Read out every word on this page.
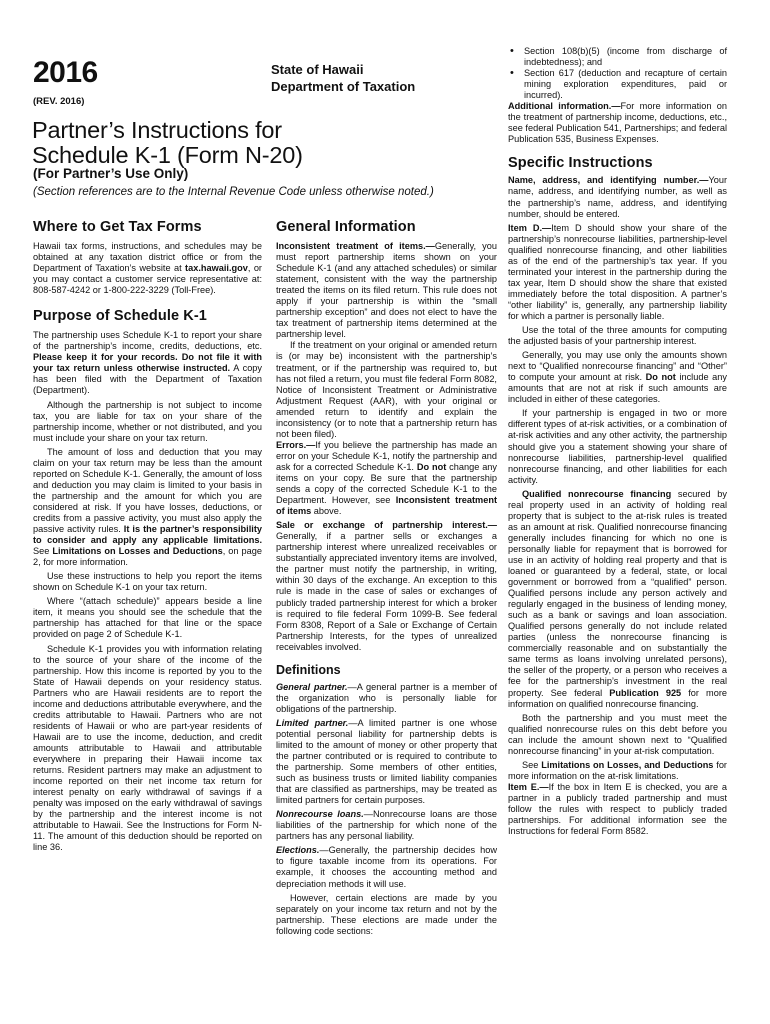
2016
(REV. 2016)
State of Hawaii
Department of Taxation
Partner’s Instructions for
Schedule K-1 (Form N-20)
(For Partner’s Use Only)
(Section references are to the Internal Revenue Code unless otherwise noted.)
Where to Get Tax Forms

Hawaii tax forms, instructions, and schedules may be obtained at any taxation district office or from the Department of Taxation’s website at tax.hawaii.gov, or you may contact a customer service representative at: 808-587-4242 or 1-800-222-3229 (Toll-Free).

Purpose of Schedule K-1

The partnership uses Schedule K-1 to report your share of the partnership’s income, credits, deductions, etc. Please keep it for your records. Do not file it with your tax return unless otherwise instructed. A copy has been filed with the Department of Taxation (Department).

Although the partnership is not subject to income tax, you are liable for tax on your share of the partnership income, whether or not distributed, and you must include your share on your tax return.

The amount of loss and deduction that you may claim on your tax return may be less than the amount reported on Schedule K-1. Generally, the amount of loss and deduction you may claim is limited to your basis in the partnership and the amount for which you are considered at risk. If you have losses, deductions, or credits from a passive activity, you must also apply the passive activity rules. It is the partner’s responsibility to consider and apply any applicable limitations. See Limitations on Losses and Deductions, on page 2, for more information.

Use these instructions to help you report the items shown on Schedule K-1 on your tax return.

Where “(attach schedule)” appears beside a line item, it means you should see the schedule that the partnership has attached for that line or the space provided on page 2 of Schedule K-1.

Schedule K-1 provides you with information relating to the source of your share of the income of the partnership. How this income is reported by you to the State of Hawaii depends on your residency status. Partners who are Hawaii residents are to report the income and deductions attributable everywhere, and the credits attributable to Hawaii. Partners who are not residents of Hawaii or who are part-year residents of Hawaii are to use the income, deduction, and credit amounts attributable to Hawaii and attributable everywhere in preparing their Hawaii income tax returns. Resident partners may make an adjustment to income reported on their net income tax return for interest penalty on early withdrawal of savings if a penalty was imposed on the early withdrawal of savings by the partnership and the interest income is not attributable to Hawaii. See the Instructions for Form N-11. The amount of this deduction should be reported on line 36.

General Information

Inconsistent treatment of items.—Generally, you must report partnership items shown on your Schedule K-1 (and any attached schedules) or similar statement, consistent with the way the partnership treated the items on its filed return. This rule does not apply if your partnership is within the “small partnership exception” and does not elect to have the tax treatment of partnership items determined at the partnership level.

If the treatment on your original or amended return is (or may be) inconsistent with the partnership’s treatment, or if the partnership was required to, but has not filed a return, you must file federal Form 8082, Notice of Inconsistent Treatment or Administrative Adjustment Request (AAR), with your original or amended return to identify and explain the inconsistency (or to note that a partnership return has not been filed).

Errors.—If you believe the partnership has made an error on your Schedule K-1, notify the partnership and ask for a corrected Schedule K-1. Do not change any items on your copy. Be sure that the partnership sends a copy of the corrected Schedule K-1 to the Department. However, see Inconsistent treatment of items above.

Sale or exchange of partnership interest.—Generally, if a partner sells or exchanges a partnership interest where unrealized receivables or substantially appreciated inventory items are involved, the partner must notify the partnership, in writing, within 30 days of the exchange. An exception to this rule is made in the case of sales or exchanges of publicly traded partnership interest for which a broker is required to file federal Form 1099-B. See federal Form 8308, Report of a Sale or Exchange of Certain Partnership Interests, for the types of unrealized receivables involved.

Definitions

General partner.—A general partner is a member of the organization who is personally liable for obligations of the partnership.

Limited partner.—A limited partner is one whose potential personal liability for partnership debts is limited to the amount of money or other property that the partner contributed or is required to contribute to the partnership. Some members of other entities, such as business trusts or limited liability companies that are classified as partnerships, may be treated as limited partners for certain purposes.

Nonrecourse loans.—Nonrecourse loans are those liabilities of the partnership for which none of the partners has any personal liability.

Elections.—Generally, the partnership decides how to figure taxable income from its operations. For example, it chooses the accounting method and depreciation methods it will use.

However, certain elections are made by you separately on your income tax return and not by the partnership. These elections are made under the following code sections:

• Section 108(b)(5) (income from discharge of indebtedness); and
• Section 617 (deduction and recapture of certain mining exploration expenditures, paid or incurred).

Additional information.—For more information on the treatment of partnership income, deductions, etc., see federal Publication 541, Partnerships; and federal Publication 535, Business Expenses.

Specific Instructions

Name, address, and identifying number.—Your name, address, and identifying number, as well as the partnership’s name, address, and identifying number, should be entered.

Item D.—Item D should show your share of the partnership’s nonrecourse liabilities, partnership-level qualified nonrecourse financing, and other liabilities as of the end of the partnership’s tax year. If you terminated your interest in the partnership during the tax year, Item D should show the share that existed immediately before the total disposition. A partner’s “other liability” is, generally, any partnership liability for which a partner is personally liable.

Use the total of the three amounts for computing the adjusted basis of your partnership interest.

Generally, you may use only the amounts shown next to “Qualified nonrecourse financing” and “Other” to compute your amount at risk. Do not include any amounts that are not at risk if such amounts are included in either of these categories.

If your partnership is engaged in two or more different types of at-risk activities, or a combination of at-risk activities and any other activity, the partnership should give you a statement showing your share of nonrecourse liabilities, partnership-level qualified nonrecourse financing, and other liabilities for each activity.

Qualified nonrecourse financing secured by real property used in an activity of holding real property that is subject to the at-risk rules is treated as an amount at risk. Qualified nonrecourse financing generally includes financing for which no one is personally liable for repayment that is borrowed for use in an activity of holding real property and that is loaned or guaranteed by a federal, state, or local government or borrowed from a “qualified” person. Qualified persons include any person actively and regularly engaged in the business of lending money, such as a bank or savings and loan association. Qualified persons generally do not include related parties (unless the nonrecourse financing is commercially reasonable and on substantially the same terms as loans involving unrelated persons), the seller of the property, or a person who receives a fee for the partnership’s investment in the real property. See federal Publication 925 for more information on qualified nonrecourse financing.

Both the partnership and you must meet the qualified nonrecourse rules on this debt before you can include the amount shown next to “Qualified nonrecourse financing” in your at-risk computation.

See Limitations on Losses, and Deductions for more information on the at-risk limitations.

Item E.—If the box in Item E is checked, you are a partner in a publicly traded partnership and must follow the rules with respect to publicly traded partnerships. For additional information see the Instructions for federal Form 8582.
